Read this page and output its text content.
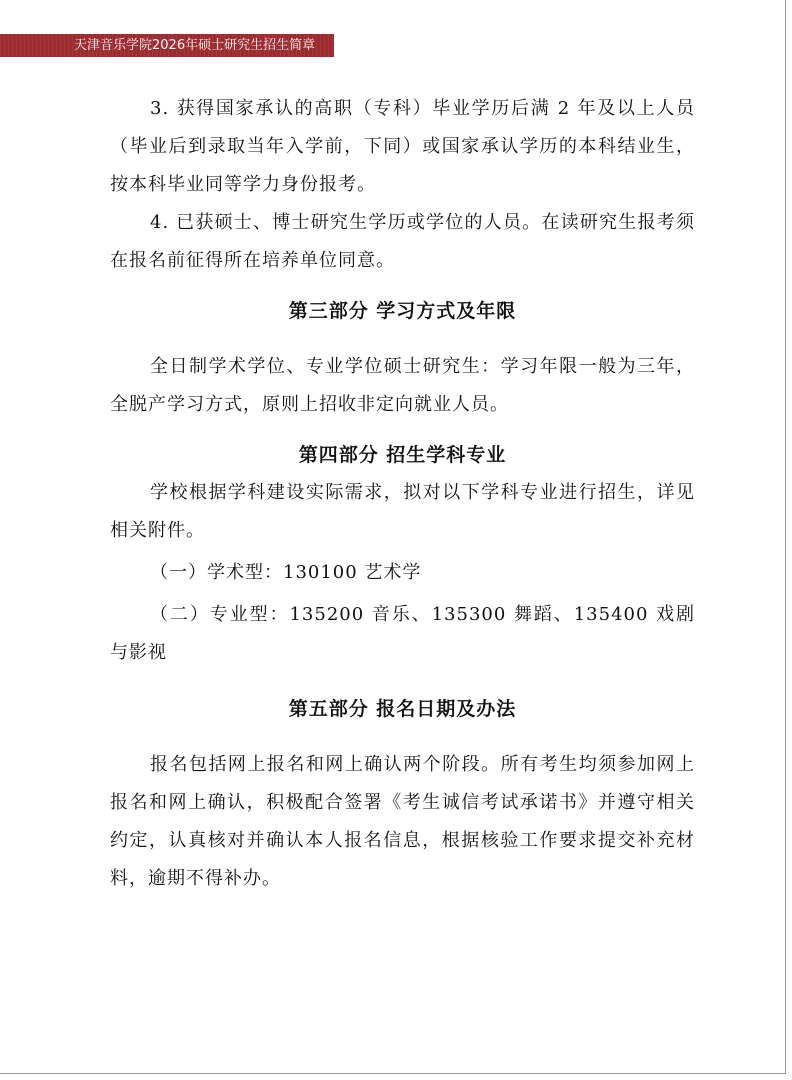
天津音乐学院2026年硕士研究生招生简章

3. 获得国家承认的高职（专科）毕业学历后满 2 年及以上人员（毕业后到录取当年入学前，下同）或国家承认学历的本科结业生，按本科毕业同等学力身份报考。

4. 已获硕士、博士研究生学历或学位的人员。在读研究生报考须在报名前征得所在培养单位同意。

第三部分 学习方式及年限

全日制学术学位、专业学位硕士研究生：学习年限一般为三年，全脱产学习方式，原则上招收非定向就业人员。

第四部分 招生学科专业

学校根据学科建设实际需求，拟对以下学科专业进行招生，详见相关附件。

（一）学术型：130100 艺术学

（二）专业型：135200 音乐、135300 舞蹈、135400 戏剧与影视

第五部分 报名日期及办法

报名包括网上报名和网上确认两个阶段。所有考生均须参加网上报名和网上确认，积极配合签署《考生诚信考试承诺书》并遵守相关约定，认真核对并确认本人报名信息，根据核验工作要求提交补充材料，逾期不得补办。
